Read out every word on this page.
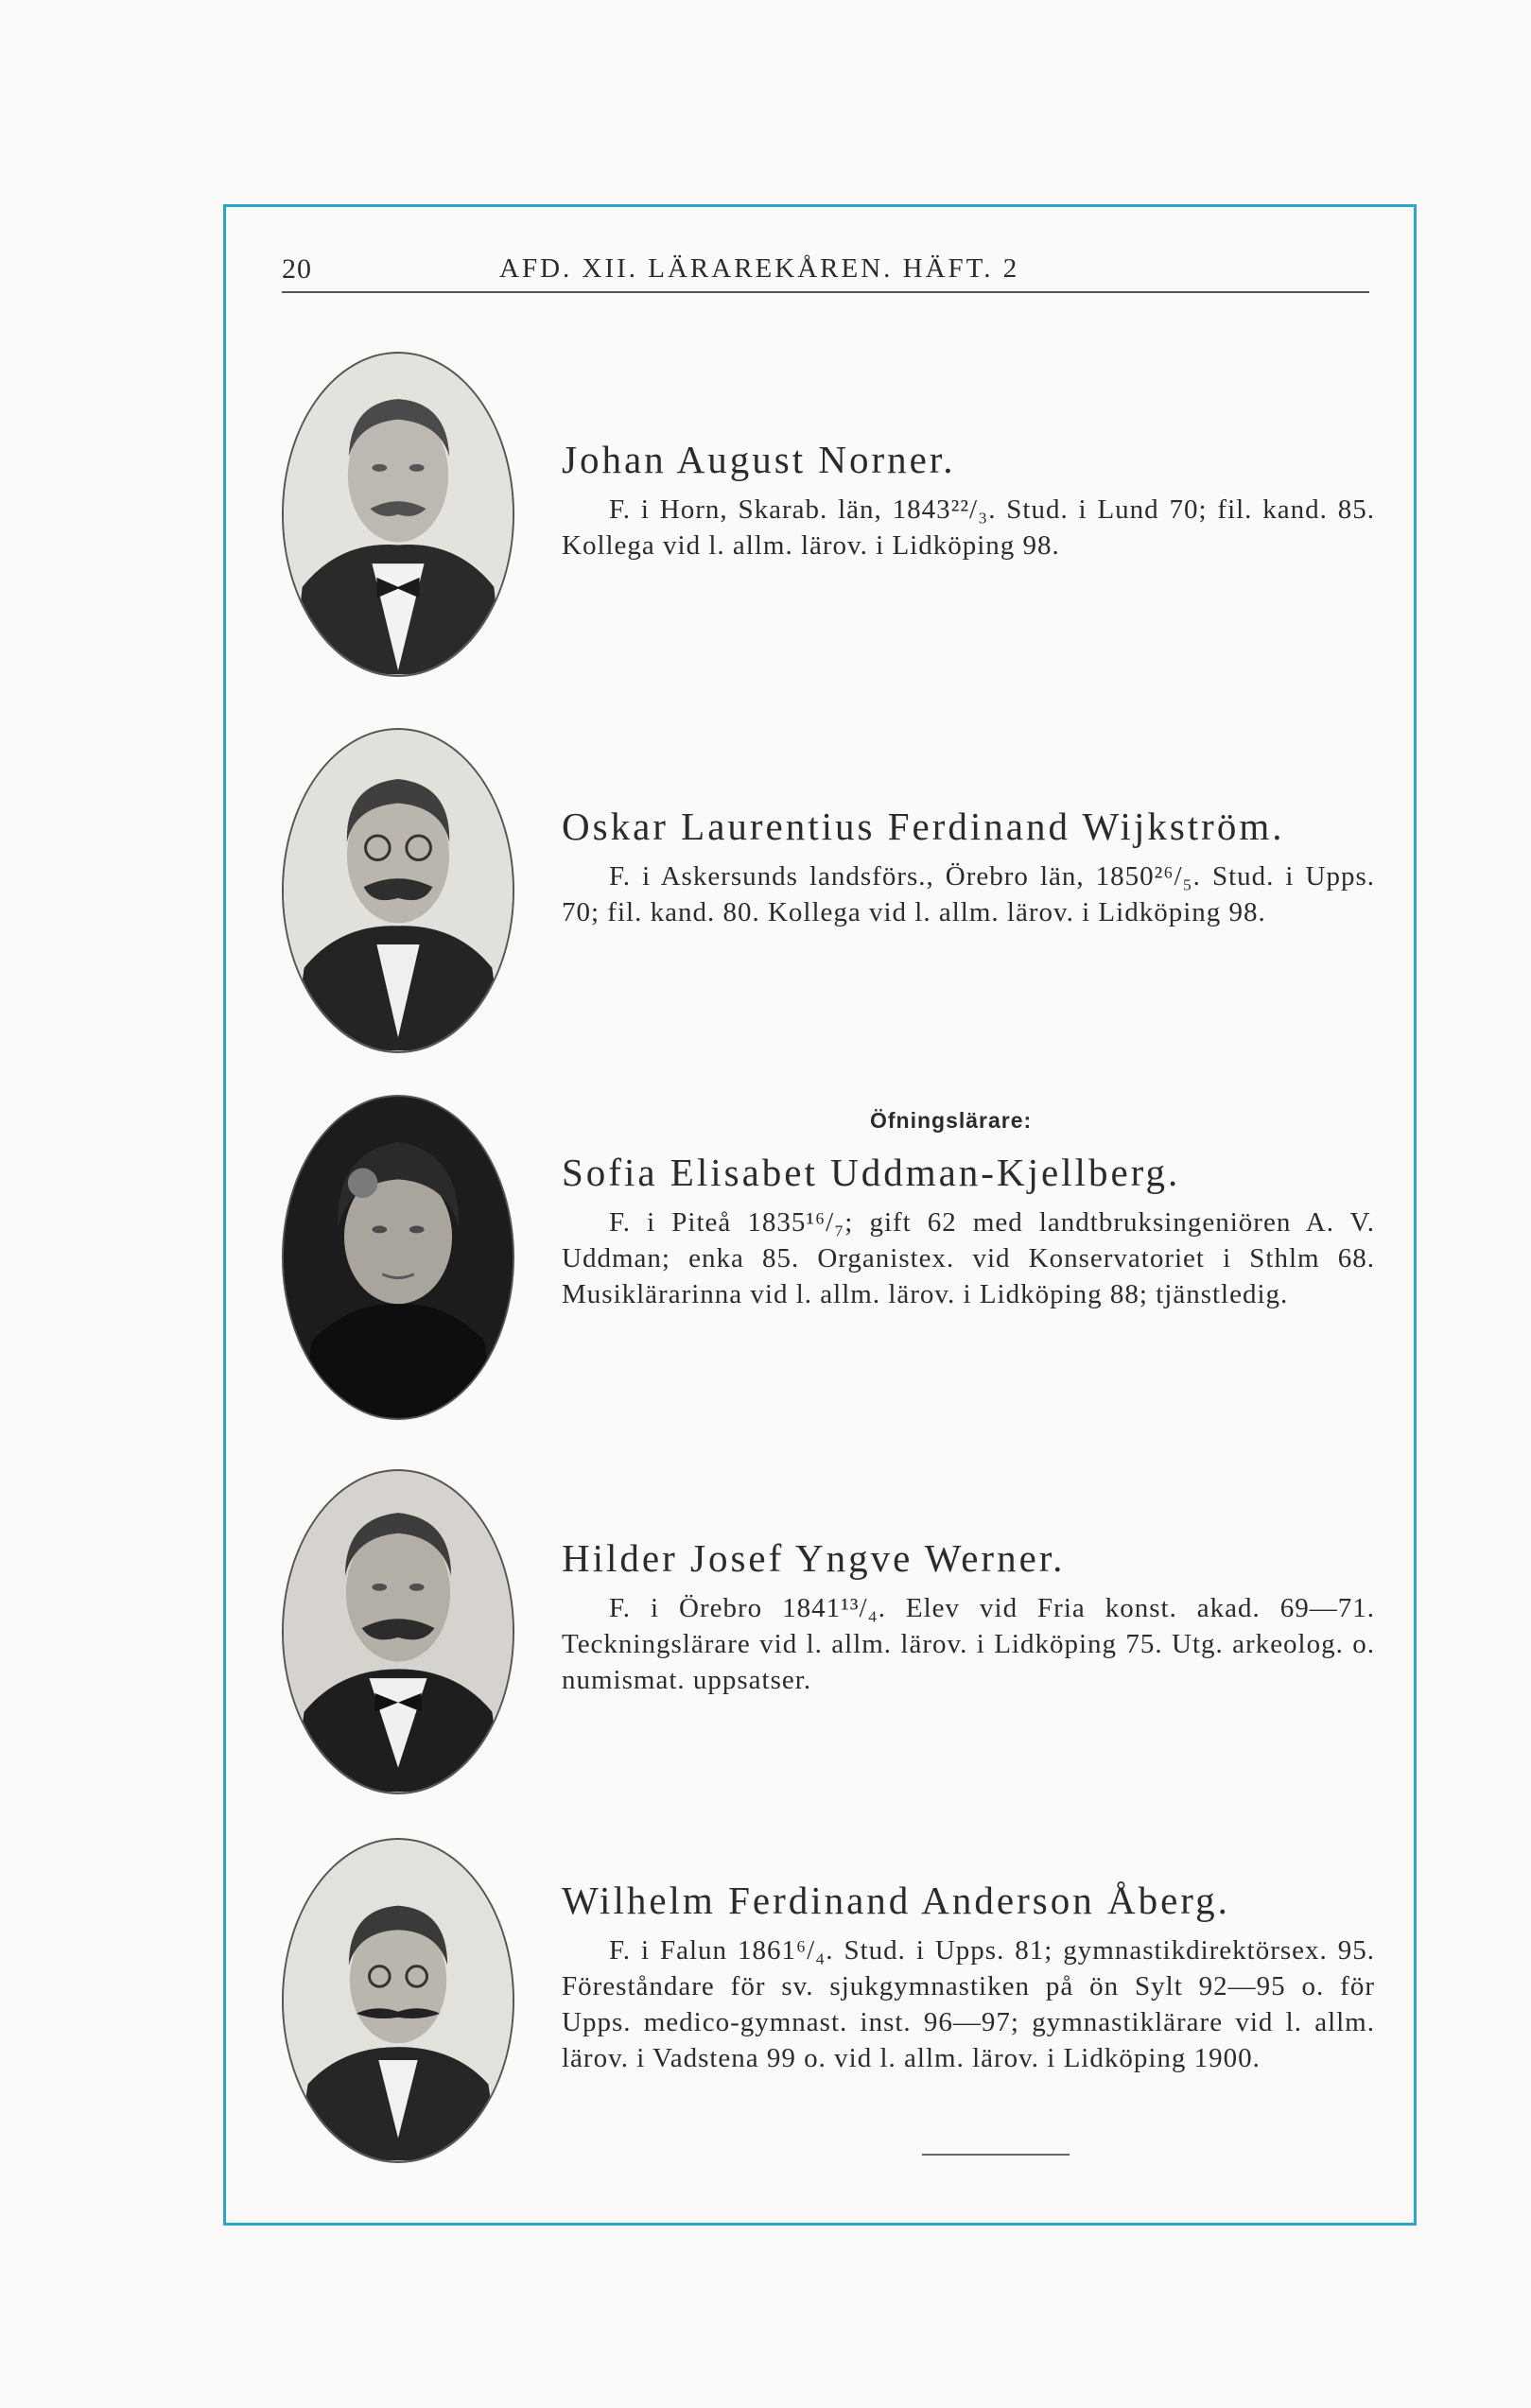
20	AFD. XII. LÄRAREKÅREN. HÄFT. 2
Johan August Norner.

F. i Horn, Skarab. län, 1843²²/₃. Stud. i Lund 70; fil. kand. 85. Kollega vid l. allm. lärov. i Lidköping 98.

Oskar Laurentius Ferdinand Wijkström.

F. i Askersunds landsförs., Örebro län, 1850²⁶/₅. Stud. i Upps. 70; fil. kand. 80. Kollega vid l. allm. lärov. i Lidköping 98.

Öfningslärare:
Sofia Elisabet Uddman-Kjellberg.

F. i Piteå 1835¹⁶/₇; gift 62 med landtbruksingeniören A. V. Uddman; enka 85. Organistex. vid Konservatoriet i Sthlm 68. Musiklärarinna vid l. allm. lärov. i Lidköping 88; tjänstledig.

Hilder Josef Yngve Werner.

F. i Örebro 1841¹³/₄. Elev vid Fria konst. akad. 69—71. Teckningslärare vid l. allm. lärov. i Lidköping 75. Utg. arkeolog. o. numismat. uppsatser.

Wilhelm Ferdinand Anderson Åberg.

F. i Falun 1861⁶/₄. Stud. i Upps. 81; gymnastikdirektörsex. 95. Föreståndare för sv. sjukgymnastiken på ön Sylt 92—95 o. för Upps. medico-gymnast. inst. 96—97; gymnastiklärare vid l. allm. lärov. i Vadstena 99 o. vid l. allm. lärov. i Lidköping 1900.
